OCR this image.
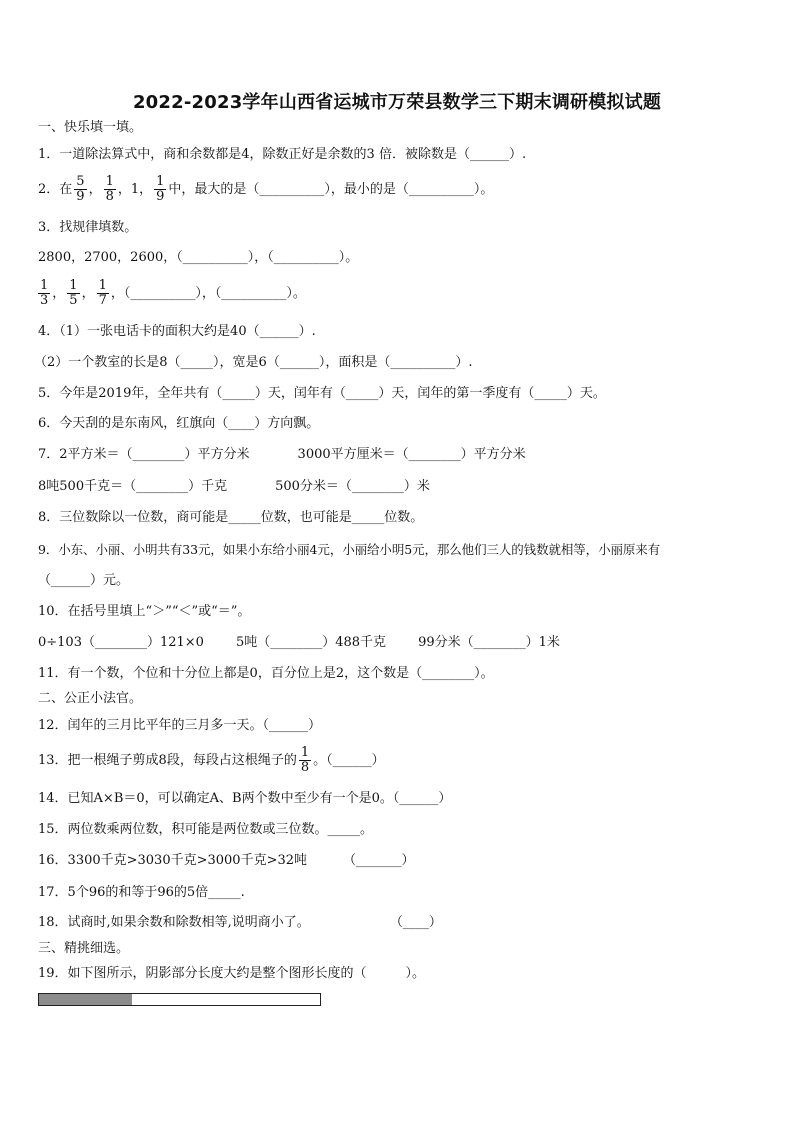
2022-2023学年山西省运城市万荣县数学三下期末调研模拟试题
一、快乐填一填。
1．一道除法算式中，商和余数都是4，除数正好是余数的3 倍．被除数是（______）.
2．在 $\frac{5}{9}$ ， $\frac{1}{8}$ ，1， $\frac{1}{9}$ 中，最大的是（__________），最小的是（__________）。
3．找规律填数。
2800，2700，2600，（__________），（__________）。
$\frac{1}{3}$ ， $\frac{1}{5}$ ， $\frac{1}{7}$ ，（__________），（__________）。
4．（1）一张电话卡的面积大约是40（______）.
（2）一个教室的长是8（_____），宽是6（______），面积是（__________）.
5．今年是2019年，全年共有（_____）天，闰年有（_____）天，闰年的第一季度有（_____）天。
6．今天刮的是东南风，红旗向（____）方向飘。
7．2平方米＝（________）平方分米	3000平方厘米＝（________）平方分米
8吨500千克＝（________）千克	500分米＝（________）米
8．三位数除以一位数，商可能是_____位数，也可能是_____位数。
9．小东、小丽、小明共有33元，如果小东给小丽4元，小丽给小明5元，那么他们三人的钱数就相等，小丽原来有
（______）元。
10．在括号里填上“＞”“＜”或“＝”。
0÷103（________）121×0 5吨（________）488千克 99分米（________）1米
11．有一个数，个位和十分位上都是0，百分位上是2，这个数是（________）。
二、公正小法官。
12．闰年的三月比平年的三月多一天。（______）
13．把一根绳子剪成8段，每段占这根绳子的 $\frac{1}{8}$ 。（______）
14．已知A×B＝0，可以确定A、B两个数中至少有一个是0。（______）
15．两位数乘两位数，积可能是两位数或三位数。_____。
16．3300千克>3030千克>3000千克>32吨	（_______）
17．5个96的和等于96的5倍_____.
18．试商时,如果余数和除数相等,说明商小了。	（____）
三、精挑细选。
19．如下图所示，阴影部分长度大约是整个图形长度的（　　　）。
